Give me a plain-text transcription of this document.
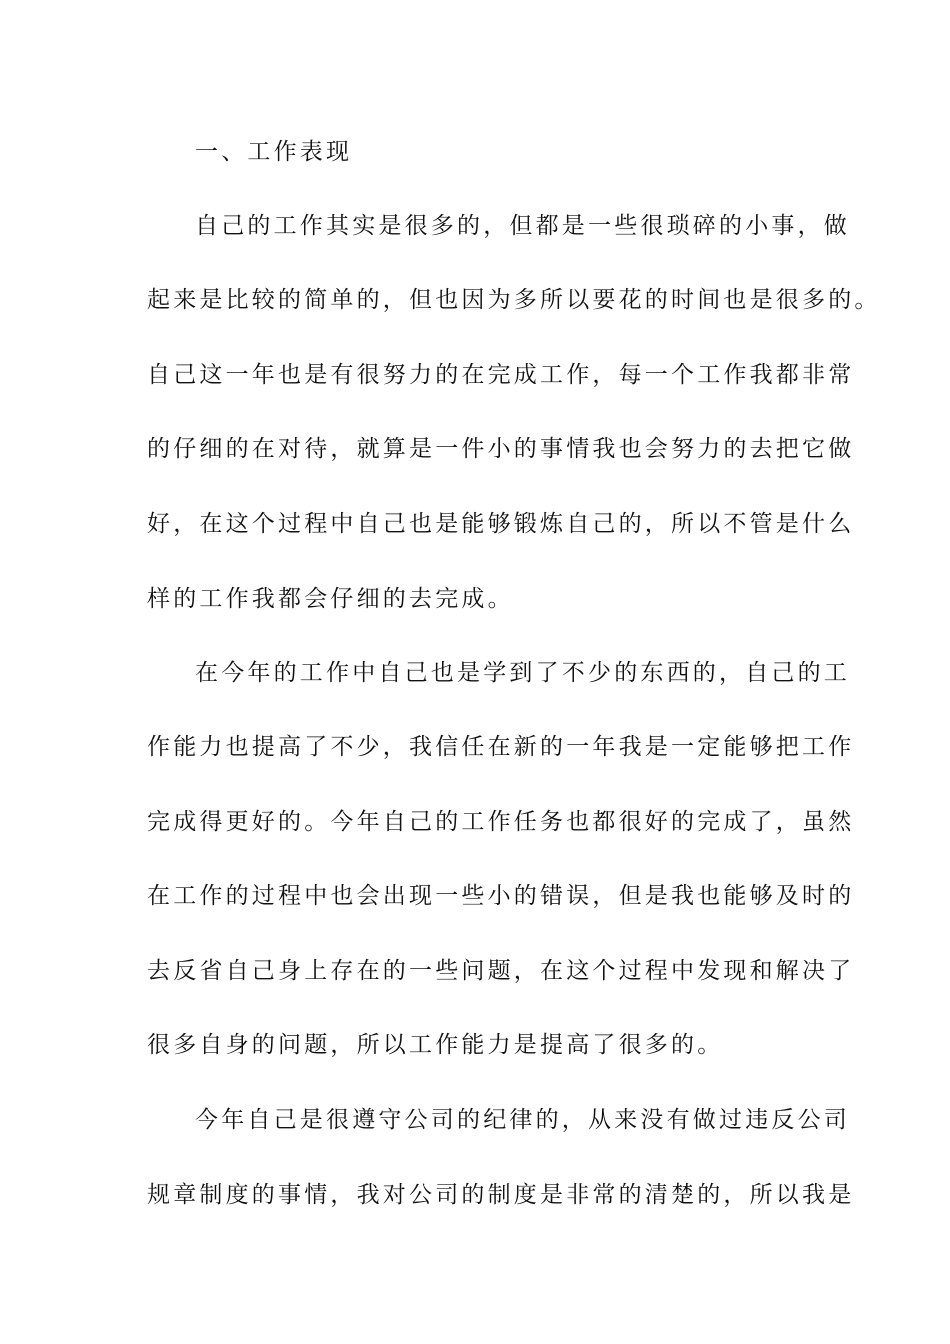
一、工作表现
自己的工作其实是很多的，但都是一些很琐碎的小事，做
起来是比较的简单的，但也因为多所以要花的时间也是很多的。
自己这一年也是有很努力的在完成工作，每一个工作我都非常
的仔细的在对待，就算是一件小的事情我也会努力的去把它做
好，在这个过程中自己也是能够锻炼自己的，所以不管是什么
样的工作我都会仔细的去完成。
在今年的工作中自己也是学到了不少的东西的，自己的工
作能力也提高了不少，我信任在新的一年我是一定能够把工作
完成得更好的。今年自己的工作任务也都很好的完成了，虽然
在工作的过程中也会出现一些小的错误，但是我也能够及时的
去反省自己身上存在的一些问题，在这个过程中发现和解决了
很多自身的问题，所以工作能力是提高了很多的。
今年自己是很遵守公司的纪律的，从来没有做过违反公司
规章制度的事情，我对公司的制度是非常的清楚的，所以我是
